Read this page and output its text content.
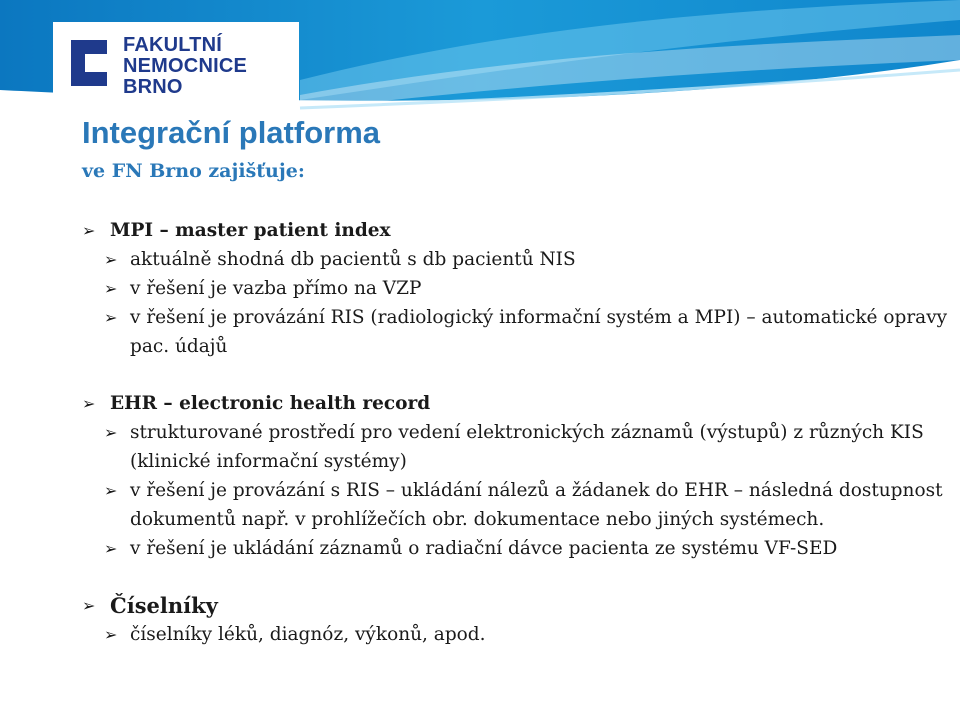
FAKULTNÍ
NEMOCNICE
BRNO
Integrační platforma
ve FN Brno zajišťuje:
➢ MPI – master patient index
➢ aktuálně shodná db pacientů s db pacientů NIS
➢ v řešení je vazba přímo na VZP
➢ v řešení je provázání RIS (radiologický informační systém a MPI) – automatické opravy pac. údajů
➢ EHR – electronic health record
➢ strukturované prostředí pro vedení elektronických záznamů (výstupů) z různých KIS (klinické informační systémy)
➢ v řešení je provázání s RIS – ukládání nálezů a žádanek do EHR – následná dostupnost dokumentů např. v prohlížečích obr. dokumentace nebo jiných systémech.
➢ v řešení je ukládání záznamů o radiační dávce pacienta ze systému VF-SED
➢ Číselníky
➢ číselníky léků, diagnóz, výkonů, apod.
